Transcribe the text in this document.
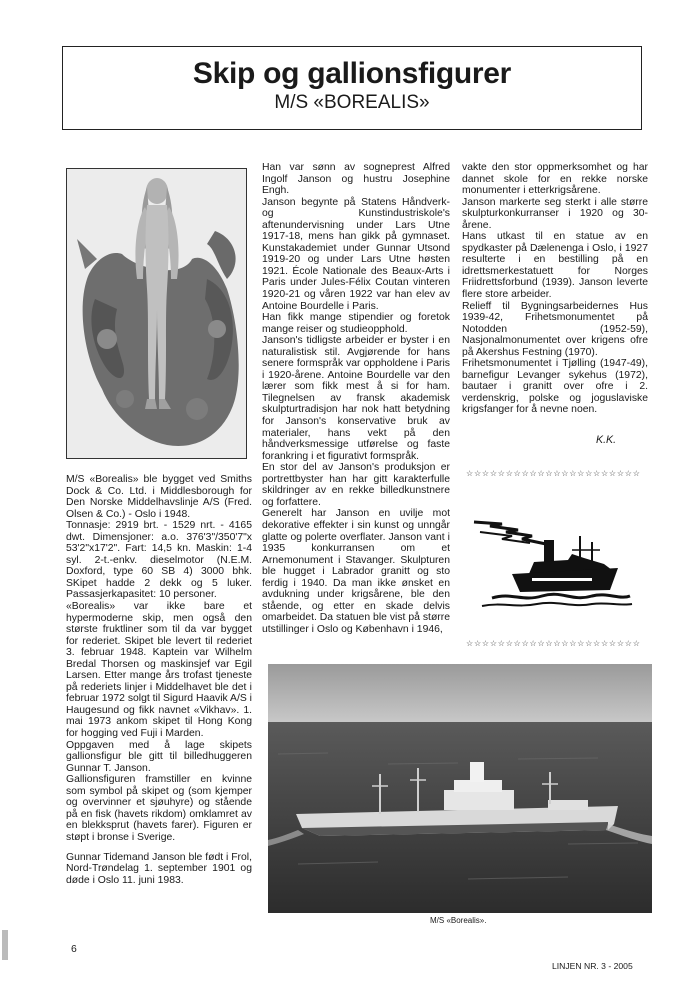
Skip og gallionsfigurer
M/S «BOREALIS»

M/S «Borealis» ble bygget ved Smiths Dock & Co. Ltd. i Middlesborough for Den Norske Middelhavslinje A/S (Fred. Olsen & Co.) - Oslo i 1948.

Tonnasje: 2919 brt. - 1529 nrt. - 4165 dwt. Dimensjoner: a.o. 376'3"/350'7"x 53'2"x17'2". Fart: 14,5 kn. Maskin: 1-4 syl. 2-t.-enkv. dieselmotor (N.E.M. Doxford, type 60 SB 4) 3000 bhk. SKipet hadde 2 dekk og 5 luker. Passasjerkapasitet: 10 personer.

«Borealis» var ikke bare et hypermoderne skip, men også den største fruktliner som til da var bygget for rederiet. Skipet ble levert til rederiet 3. februar 1948. Kaptein var Wilhelm Bredal Thorsen og maskinsjef var Egil Larsen. Etter mange års trofast tjeneste på rederiets linjer i Middelhavet ble det i februar 1972 solgt til Sigurd Haavik A/S i Haugesund og fikk navnet «Vikhav». 1. mai 1973 ankom skipet til Hong Kong for hogging ved Fuji i Marden.

Oppgaven med å lage skipets gallionsfigur ble gitt til billedhuggeren Gunnar T. Janson.

Gallionsfiguren framstiller en kvinne som symbol på skipet og (som kjemper og overvinner et sjøuhyre) og stående på en fisk (havets rikdom) omklamret av en blekksprut (havets farer). Figuren er støpt i bronse i Sverige.

Gunnar Tidemand Janson ble født i Frol, Nord-Trøndelag 1. september 1901 og døde i Oslo 11. juni 1983.

Han var sønn av sogneprest Alfred Ingolf Janson og hustru Josephine Engh.

Janson begynte på Statens Håndverk- og Kunstindustriskole's aftenundervisning under Lars Utne 1917-18, mens han gikk på gymnaset. Kunstakademiet under Gunnar Utsond 1919-20 og under Lars Utne høsten 1921. École Nationale des Beaux-Arts i Paris under Jules-Félix Coutan vinteren 1920-21 og våren 1922 var han elev av Antoine Bourdelle i Paris.

Han fikk mange stipendier og foretok mange reiser og studieopphold.

Janson's tidligste arbeider er byster i en naturalistisk stil. Avgjørende for hans senere formspråk var oppholdene i Paris i 1920-årene. Antoine Bourdelle var den lærer som fikk mest å si for ham. Tilegnelsen av fransk akademisk skulpturtradisjon har nok hatt betydning for Janson's konservative bruk av materialer, hans vekt på den håndverksmessige utførelse og faste forankring i et figurativt formspråk.

En stor del av Janson's produksjon er portrettbyster han har gitt karakterfulle skildringer av en rekke billedkunstnere og forfattere.

Generelt har Janson en uvilje mot dekorative effekter i sin kunst og unngår glatte og polerte overflater. Janson vant i 1935 konkurransen om et Arnemonument i Stavanger. Skulpturen ble hugget i Labrador granitt og sto ferdig i 1940. Da man ikke ønsket en avdukning under krigsårene, ble den stående, og etter en skade delvis omarbeidet. Da statuen ble vist på større utstillinger i Oslo og København i 1946,

vakte den stor oppmerksomhet og har dannet skole for en rekke norske monumenter i etterkrigsårene.

Janson markerte seg sterkt i alle større skulpturkonkurranser i 1920 og 30-årene.

Hans utkast til en statue av en spydkaster på Dælenenga i Oslo, i 1927 resulterte i en bestilling på en idrettsmerkestatuett for Norges Friidrettsforbund (1939). Janson leverte flere store arbeider.

Relieff til Bygningsarbeidernes Hus 1939-42, Frihetsmonumentet på Notodden (1952-59), Nasjonalmonumentet over krigens ofre på Akershus Festning (1970).

Frihetsmonumentet i Tjølling (1947-49), barnefigur Levanger sykehus (1972), bautaer i granitt over ofre i 2. verdenskrig, polske og joguslaviske krigsfanger for å nevne noen.

K.K.
☆☆☆☆☆☆☆☆☆☆☆☆☆☆☆☆☆☆☆☆☆☆
☆☆☆☆☆☆☆☆☆☆☆☆☆☆☆☆☆☆☆☆☆☆
M/S «Borealis».
6
LINJEN NR. 3 - 2005
